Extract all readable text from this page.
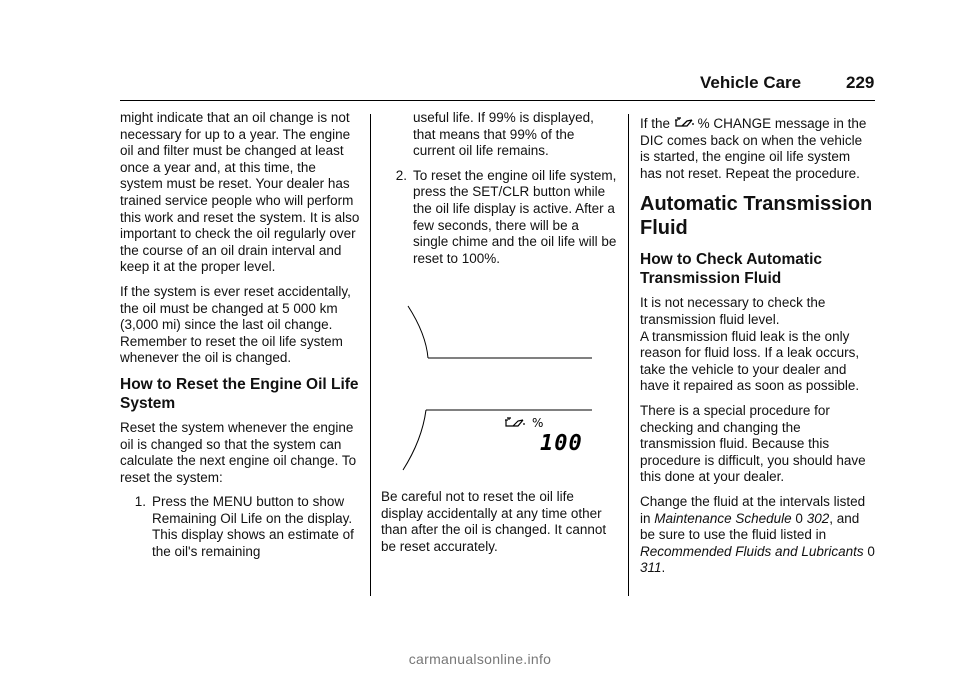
Vehicle Care	229

might indicate that an oil change is not necessary for up to a year. The engine oil and filter must be changed at least once a year and, at this time, the system must be reset. Your dealer has trained service people who will perform this work and reset the system. It is also important to check the oil regularly over the course of an oil drain interval and keep it at the proper level.

If the system is ever reset accidentally, the oil must be changed at 5 000 km (3,000 mi) since the last oil change.

Remember to reset the oil life system whenever the oil is changed.

How to Reset the Engine Oil Life System

Reset the system whenever the engine oil is changed so that the system can calculate the next engine oil change. To reset the system:

1. Press the MENU button to show Remaining Oil Life on the display. This display shows an estimate of the oil's remaining
useful life. If 99% is displayed, that means that 99% of the current oil life remains.
2. To reset the engine oil life system, press the SET/CLR button while the oil life display is active. After a few seconds, there will be a single chime and the oil life will be reset to 100%.
%
100

Be careful not to reset the oil life display accidentally at any time other than after the oil is changed. It cannot be reset accurately.

If the % CHANGE message in the DIC comes back on when the vehicle is started, the engine oil life system has not reset. Repeat the procedure.

Automatic Transmission Fluid
How to Check Automatic Transmission Fluid

It is not necessary to check the transmission fluid level.

A transmission fluid leak is the only reason for fluid loss. If a leak occurs, take the vehicle to your dealer and have it repaired as soon as possible.

There is a special procedure for checking and changing the transmission fluid. Because this procedure is difficult, you should have this done at your dealer.

Change the fluid at the intervals listed in Maintenance Schedule 0 302, and be sure to use the fluid listed in Recommended Fluids and Lubricants 0 311.

carmanualsonline.info
